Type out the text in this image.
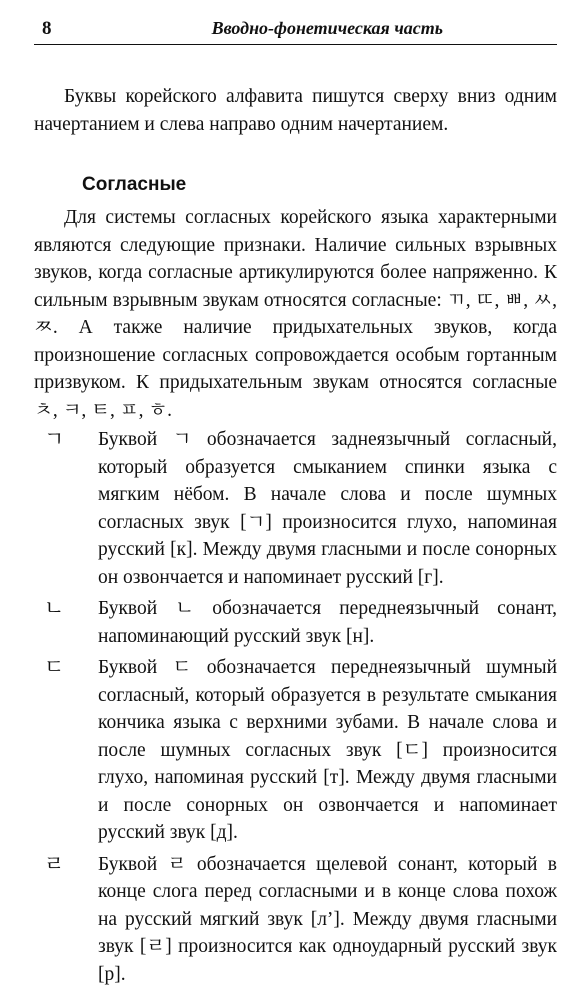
8	Вводно-фонетическая часть

Буквы корейского алфавита пишутся сверху вниз одним начертанием и слева направо одним начертанием.

Согласные

Для системы согласных корейского языка характерными являются следующие признаки. Наличие сильных взрывных звуков, когда согласные артикулируются более напряженно. К сильным взрывным звукам относятся согласные: ㄲ, ㄸ, ㅃ, ㅆ, ㅉ. А также наличие придыхательных звуков, когда произношение согласных сопровождается особым гортанным призвуком. К придыхательным звукам относятся согласные ㅊ, ㅋ, ㅌ, ㅍ, ㅎ.

ㄱ Буквой ㄱ обозначается заднеязычный согласный, который образуется смыканием спинки языка с мягким нёбом. В начале слова и после шумных согласных звук [ㄱ] произносится глухо, напоминая русский [к]. Между двумя гласными и после сонорных он озвончается и напоминает русский [г].

ㄴ Буквой ㄴ обозначается переднеязычный сонант, напоминающий русский звук [н].

ㄷ Буквой ㄷ обозначается переднеязычный шумный согласный, который образуется в результате смыкания кончика языка с верхними зубами. В начале слова и после шумных согласных звук [ㄷ] произносится глухо, напоминая русский [т]. Между двумя гласными и после сонорных он озвончается и напоминает русский звук [д].

ㄹ Буквой ㄹ обозначается щелевой сонант, который в конце слога перед согласными и в конце слова похож на русский мягкий звук [л’]. Между двумя гласными звук [ㄹ] произносится как одноударный русский звук [р].
